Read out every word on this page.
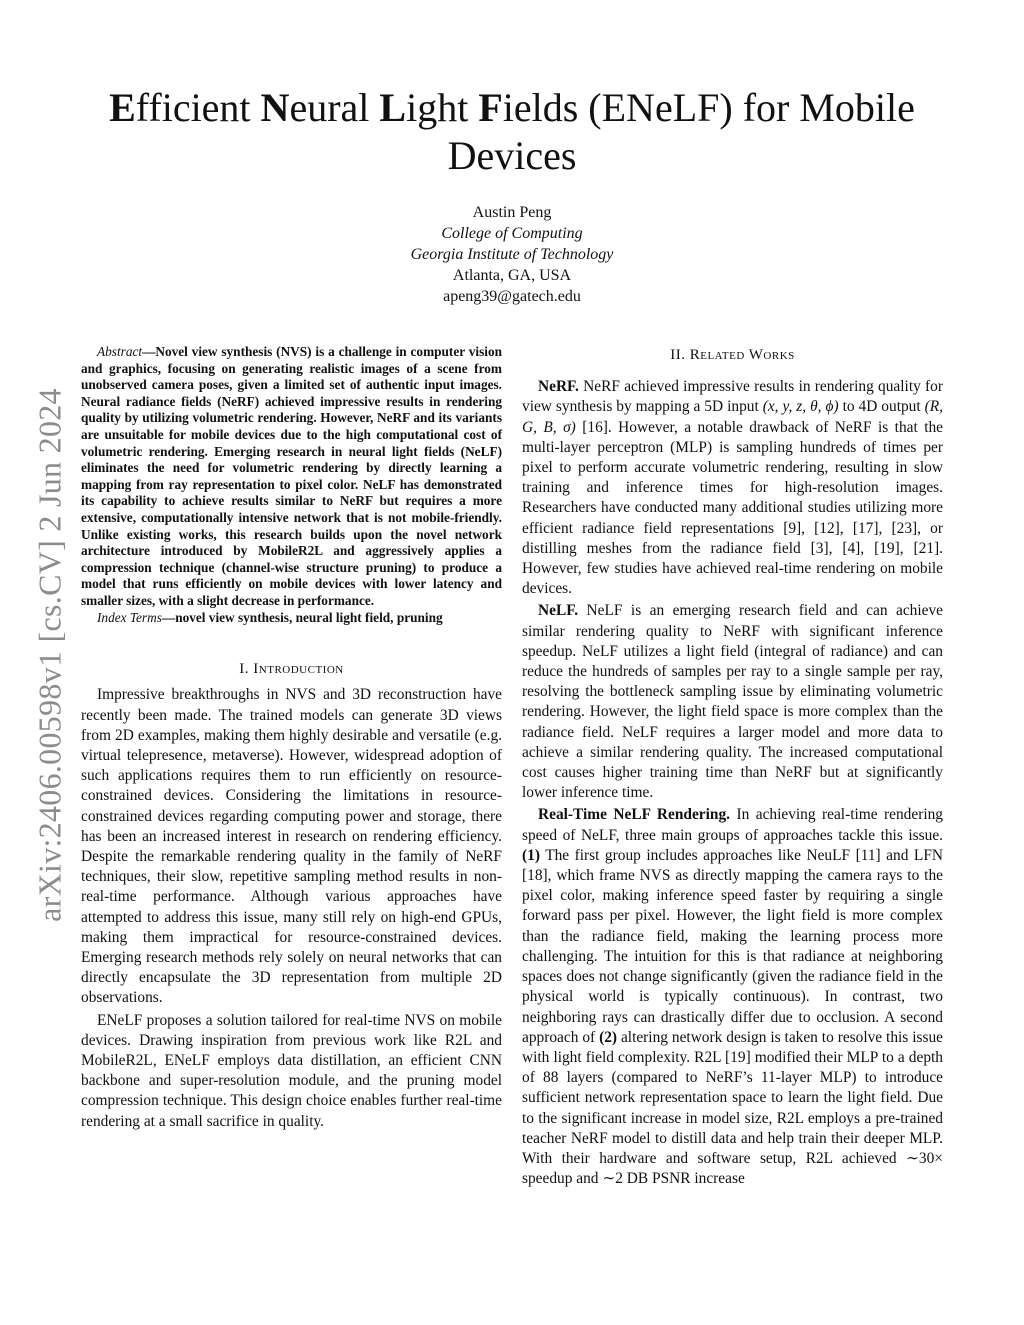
arXiv:2406.00598v1 [cs.CV] 2 Jun 2024
Efficient Neural Light Fields (ENeLF) for Mobile Devices
Austin Peng
College of Computing
Georgia Institute of Technology
Atlanta, GA, USA
apeng39@gatech.edu

Abstract—Novel view synthesis (NVS) is a challenge in computer vision and graphics, focusing on generating realistic images of a scene from unobserved camera poses, given a limited set of authentic input images. Neural radiance fields (NeRF) achieved impressive results in rendering quality by utilizing volumetric rendering. However, NeRF and its variants are unsuitable for mobile devices due to the high computational cost of volumetric rendering. Emerging research in neural light fields (NeLF) eliminates the need for volumetric rendering by directly learning a mapping from ray representation to pixel color. NeLF has demonstrated its capability to achieve results similar to NeRF but requires a more extensive, computationally intensive network that is not mobile-friendly. Unlike existing works, this research builds upon the novel network architecture introduced by MobileR2L and aggressively applies a compression technique (channel-wise structure pruning) to produce a model that runs efficiently on mobile devices with lower latency and smaller sizes, with a slight decrease in performance.

Index Terms—novel view synthesis, neural light field, pruning

I. Introduction

Impressive breakthroughs in NVS and 3D reconstruction have recently been made. The trained models can generate 3D views from 2D examples, making them highly desirable and versatile (e.g. virtual telepresence, metaverse). However, widespread adoption of such applications requires them to run efficiently on resource-constrained devices. Considering the limitations in resource-constrained devices regarding computing power and storage, there has been an increased interest in research on rendering efficiency. Despite the remarkable rendering quality in the family of NeRF techniques, their slow, repetitive sampling method results in non-real-time performance. Although various approaches have attempted to address this issue, many still rely on high-end GPUs, making them impractical for resource-constrained devices. Emerging research methods rely solely on neural networks that can directly encapsulate the 3D representation from multiple 2D observations.

ENeLF proposes a solution tailored for real-time NVS on mobile devices. Drawing inspiration from previous work like R2L and MobileR2L, ENeLF employs data distillation, an efficient CNN backbone and super-resolution module, and the pruning model compression technique. This design choice enables further real-time rendering at a small sacrifice in quality.

II. Related Works

NeRF. NeRF achieved impressive results in rendering quality for view synthesis by mapping a 5D input (x, y, z, θ, ϕ) to 4D output (R, G, B, σ) [16]. However, a notable drawback of NeRF is that the multi-layer perceptron (MLP) is sampling hundreds of times per pixel to perform accurate volumetric rendering, resulting in slow training and inference times for high-resolution images. Researchers have conducted many additional studies utilizing more efficient radiance field representations [9], [12], [17], [23], or distilling meshes from the radiance field [3], [4], [19], [21]. However, few studies have achieved real-time rendering on mobile devices.

NeLF. NeLF is an emerging research field and can achieve similar rendering quality to NeRF with significant inference speedup. NeLF utilizes a light field (integral of radiance) and can reduce the hundreds of samples per ray to a single sample per ray, resolving the bottleneck sampling issue by eliminating volumetric rendering. However, the light field space is more complex than the radiance field. NeLF requires a larger model and more data to achieve a similar rendering quality. The increased computational cost causes higher training time than NeRF but at significantly lower inference time.

Real-Time NeLF Rendering. In achieving real-time rendering speed of NeLF, three main groups of approaches tackle this issue. (1) The first group includes approaches like NeuLF [11] and LFN [18], which frame NVS as directly mapping the camera rays to the pixel color, making inference speed faster by requiring a single forward pass per pixel. However, the light field is more complex than the radiance field, making the learning process more challenging. The intuition for this is that radiance at neighboring spaces does not change significantly (given the radiance field in the physical world is typically continuous). In contrast, two neighboring rays can drastically differ due to occlusion. A second approach of (2) altering network design is taken to resolve this issue with light field complexity. R2L [19] modified their MLP to a depth of 88 layers (compared to NeRF’s 11-layer MLP) to introduce sufficient network representation space to learn the light field. Due to the significant increase in model size, R2L employs a pre-trained teacher NeRF model to distill data and help train their deeper MLP. With their hardware and software setup, R2L achieved ∼30× speedup and ∼2 DB PSNR increase
